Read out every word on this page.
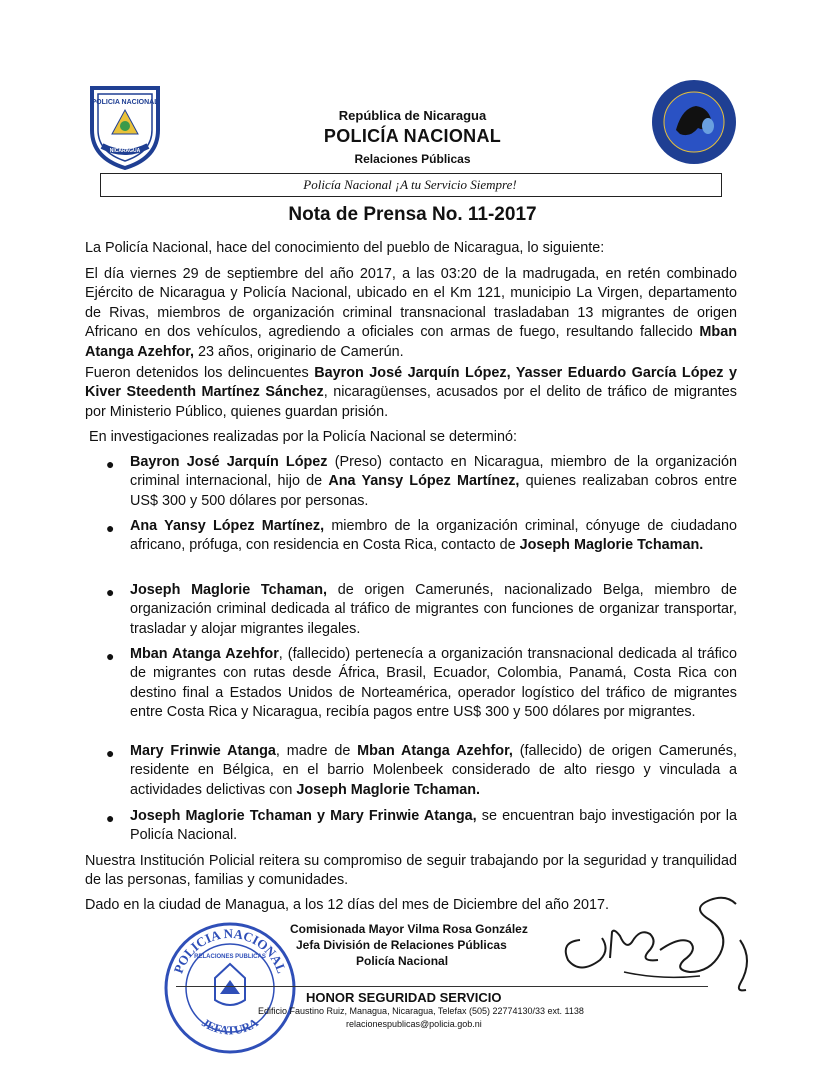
POLICIA NACIONAL
NICARAGUA
República de Nicaragua
POLICÍA NACIONAL
Relaciones Públicas
Policía Nacional ¡A tu Servicio Siempre!
Nota de Prensa No. 11-2017
La Policía Nacional, hace del conocimiento del pueblo de Nicaragua, lo siguiente:
El día viernes 29 de septiembre del año 2017, a las 03:20 de la madrugada, en retén combinado Ejército de Nicaragua y Policía Nacional, ubicado en el Km 121, municipio La Virgen, departamento de Rivas, miembros de organización criminal transnacional trasladaban 13 migrantes de origen Africano en dos vehículos, agrediendo a oficiales con armas de fuego, resultando fallecido Mban Atanga Azehfor, 23 años, originario de Camerún.
Fueron detenidos los delincuentes Bayron José Jarquín López, Yasser Eduardo García López y Kiver Steedenth Martínez Sánchez, nicaragüenses, acusados por el delito de tráfico de migrantes por Ministerio Público, quienes guardan prisión.
En investigaciones realizadas por la Policía Nacional se determinó:
● Bayron José Jarquín López (Preso) contacto en Nicaragua, miembro de la organización criminal internacional, hijo de Ana Yansy López Martínez, quienes realizaban cobros entre US$ 300 y 500 dólares por personas.
● Ana Yansy López Martínez, miembro de la organización criminal, cónyuge de ciudadano africano, prófuga, con residencia en Costa Rica, contacto de Joseph Maglorie Tchaman.
● Joseph Maglorie Tchaman, de origen Camerunés, nacionalizado Belga, miembro de organización criminal dedicada al tráfico de migrantes con funciones de organizar transportar, trasladar y alojar migrantes ilegales.
● Mban Atanga Azehfor, (fallecido) pertenecía a organización transnacional dedicada al tráfico de migrantes con rutas desde África, Brasil, Ecuador, Colombia, Panamá, Costa Rica con destino final a Estados Unidos de Norteamérica, operador logístico del tráfico de migrantes entre Costa Rica y Nicaragua, recibía pagos entre US$ 300 y 500 dólares por migrantes.
● Mary Frinwie Atanga, madre de Mban Atanga Azehfor, (fallecido) de origen Camerunés, residente en Bélgica, en el barrio Molenbeek considerado de alto riesgo y vinculada a actividades delictivas con Joseph Maglorie Tchaman.
● Joseph Maglorie Tchaman y Mary Frinwie Atanga, se encuentran bajo investigación por la Policía Nacional.
Nuestra Institución Policial reitera su compromiso de seguir trabajando por la seguridad y tranquilidad de las personas, familias y comunidades.
Dado en la ciudad de Managua, a los 12 días del mes de Diciembre del año 2017.
POLICIA NACIONAL
RELACIONES PUBLICAS
JEFATURA
Comisionada Mayor Vilma Rosa González
Jefa División de Relaciones Públicas
Policía Nacional
HONOR SEGURIDAD SERVICIO
Edificio Faustino Ruiz, Managua, Nicaragua, Telefax (505) 22774130/33 ext. 1138
relacionespublicas@policia.gob.ni
